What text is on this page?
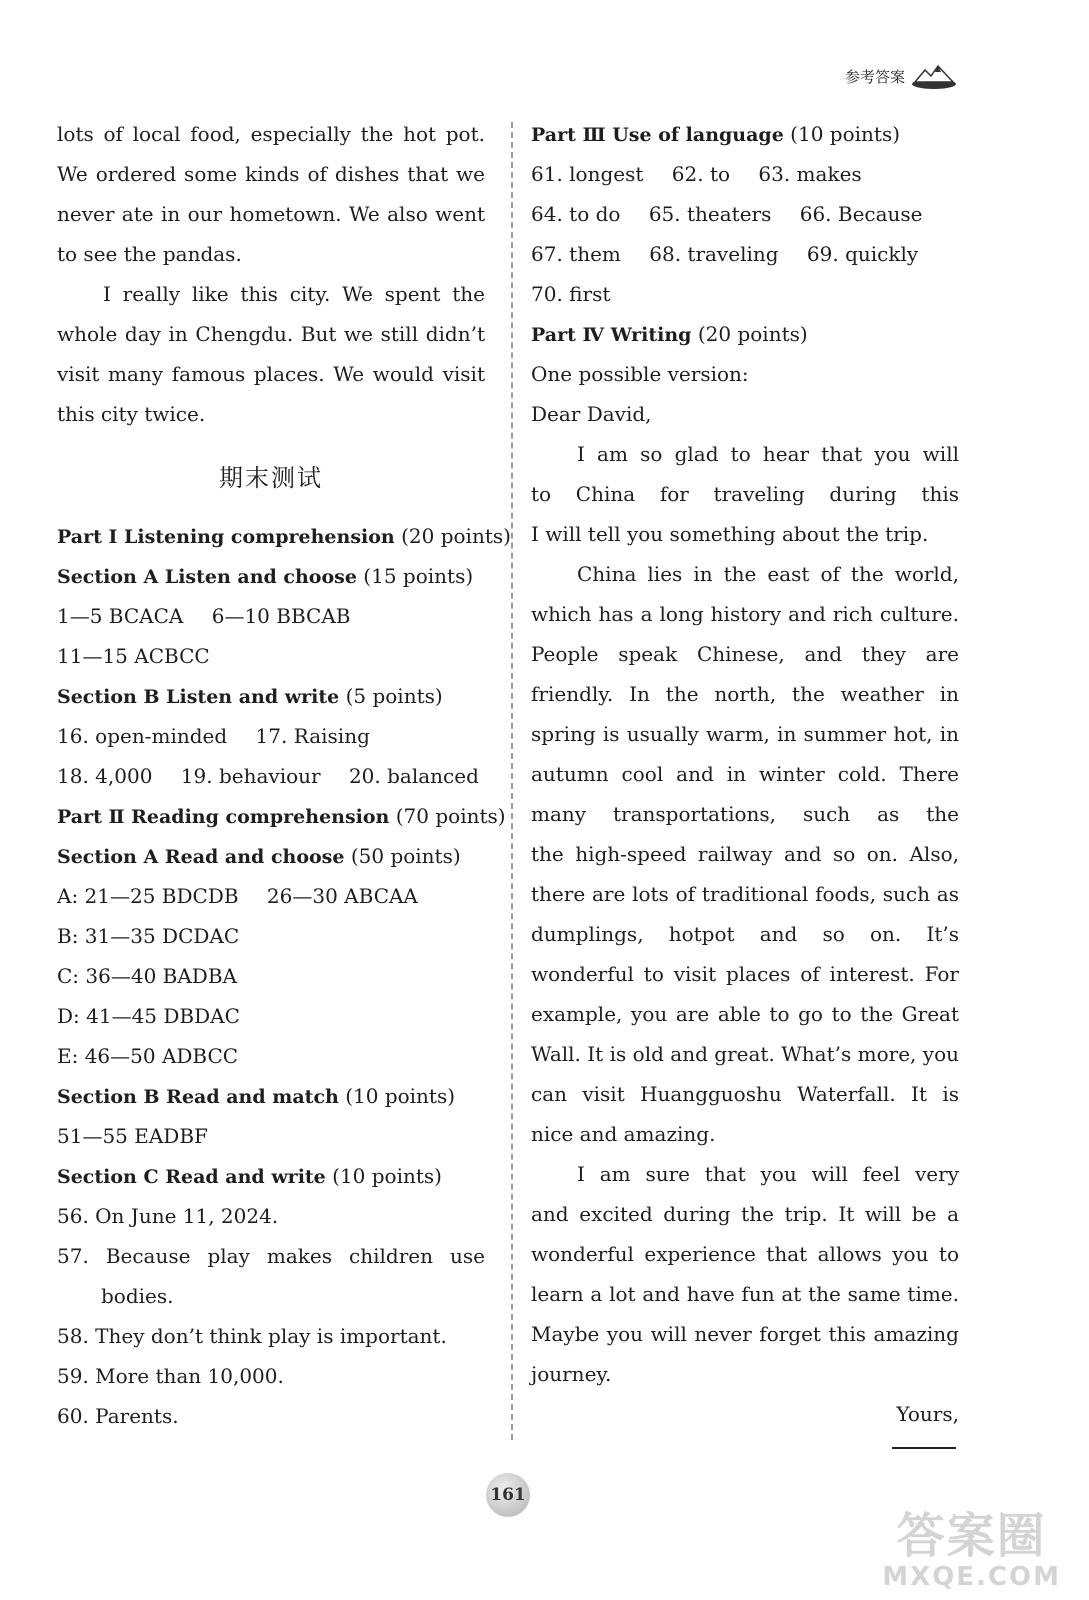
参考答案
lots of local food, especially the hot pot.
We ordered some kinds of dishes that we
never ate in our hometown. We also went
to see the pandas.
I really like this city. We spent the
whole day in Chengdu. But we still didn’t
visit many famous places. We would visit
this city twice.
期末测试
Part Ⅰ Listening comprehension (20 points)
Section A Listen and choose (15 points)
1—5 BCACA 6—10 BBCAB
11—15 ACBCC
Section B Listen and write (5 points)
16. open-minded 17. Raising
18. 4,000 19. behaviour 20. balanced
Part Ⅱ Reading comprehension (70 points)
Section A Read and choose (50 points)
A: 21—25 BDCDB 26—30 ABCAA
B: 31—35 DCDAC
C: 36—40 BADBA
D: 41—45 DBDAC
E: 46—50 ADBCC
Section B Read and match (10 points)
51—55 EADBF
Section C Read and write (10 points)
56. On June 11, 2024.
57. Because play makes children use
bodies.
58. They don’t think play is important.
59. More than 10,000.
60. Parents.
Part Ⅲ Use of language (10 points)
61. longest 62. to 63. makes
64. to do 65. theaters 66. Because
67. them 68. traveling 69. quickly
70. first
Part Ⅳ Writing (20 points)
One possible version:
Dear David,
I am so glad to hear that you will
to China for traveling during this
I will tell you something about the trip.
China lies in the east of the world,
which has a long history and rich culture.
People speak Chinese, and they are
friendly. In the north, the weather in
spring is usually warm, in summer hot, in
autumn cool and in winter cold. There
many transportations, such as the
the high-speed railway and so on. Also,
there are lots of traditional foods, such as
dumplings, hotpot and so on. It’s
wonderful to visit places of interest. For
example, you are able to go to the Great
Wall. It is old and great. What’s more, you
can visit Huangguoshu Waterfall. It is
nice and amazing.
I am sure that you will feel very
and excited during the trip. It will be a
wonderful experience that allows you to
learn a lot and have fun at the same time.
Maybe you will never forget this amazing
journey.
Yours,
161
答案圈
MXQE.COM
